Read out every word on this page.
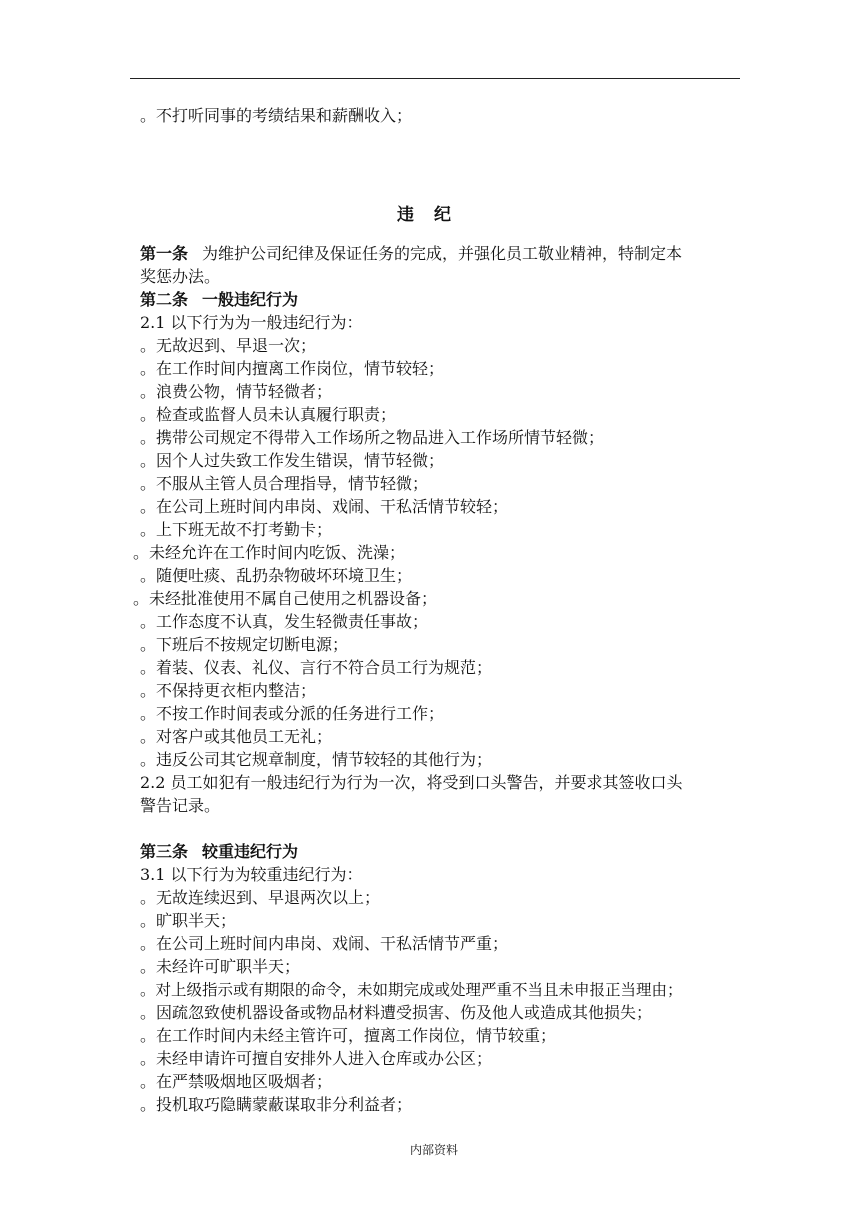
。不打听同事的考绩结果和薪酬收入；
违纪
第一条 为维护公司纪律及保证任务的完成，并强化员工敬业精神，特制定本
奖惩办法。
第二条 一般违纪行为
2.1 以下行为为一般违纪行为：
。无故迟到、早退一次；
。在工作时间内擅离工作岗位，情节较轻；
。浪费公物，情节轻微者；
。检查或监督人员未认真履行职责；
。携带公司规定不得带入工作场所之物品进入工作场所情节轻微；
。因个人过失致工作发生错误，情节轻微；
。不服从主管人员合理指导，情节轻微；
。在公司上班时间内串岗、戏闹、干私活情节较轻；
。上下班无故不打考勤卡；
。未经允许在工作时间内吃饭、洗澡；
。随便吐痰、乱扔杂物破坏环境卫生；
。未经批准使用不属自己使用之机器设备；
。工作态度不认真，发生轻微责任事故；
。下班后不按规定切断电源；
。着装、仪表、礼仪、言行不符合员工行为规范；
。不保持更衣柜内整洁；
。不按工作时间表或分派的任务进行工作；
。对客户或其他员工无礼；
。违反公司其它规章制度，情节较轻的其他行为；
2.2 员工如犯有一般违纪行为行为一次，将受到口头警告，并要求其签收口头
警告记录。
第三条 较重违纪行为
3.1 以下行为为较重违纪行为：
。无故连续迟到、早退两次以上；
。旷职半天；
。在公司上班时间内串岗、戏闹、干私活情节严重；
。未经许可旷职半天；
。对上级指示或有期限的命令，未如期完成或处理严重不当且未申报正当理由；
。因疏忽致使机器设备或物品材料遭受损害、伤及他人或造成其他损失；
。在工作时间内未经主管许可，擅离工作岗位，情节较重；
。未经申请许可擅自安排外人进入仓库或办公区；
。在严禁吸烟地区吸烟者；
。投机取巧隐瞒蒙蔽谋取非分利益者；
内部资料
